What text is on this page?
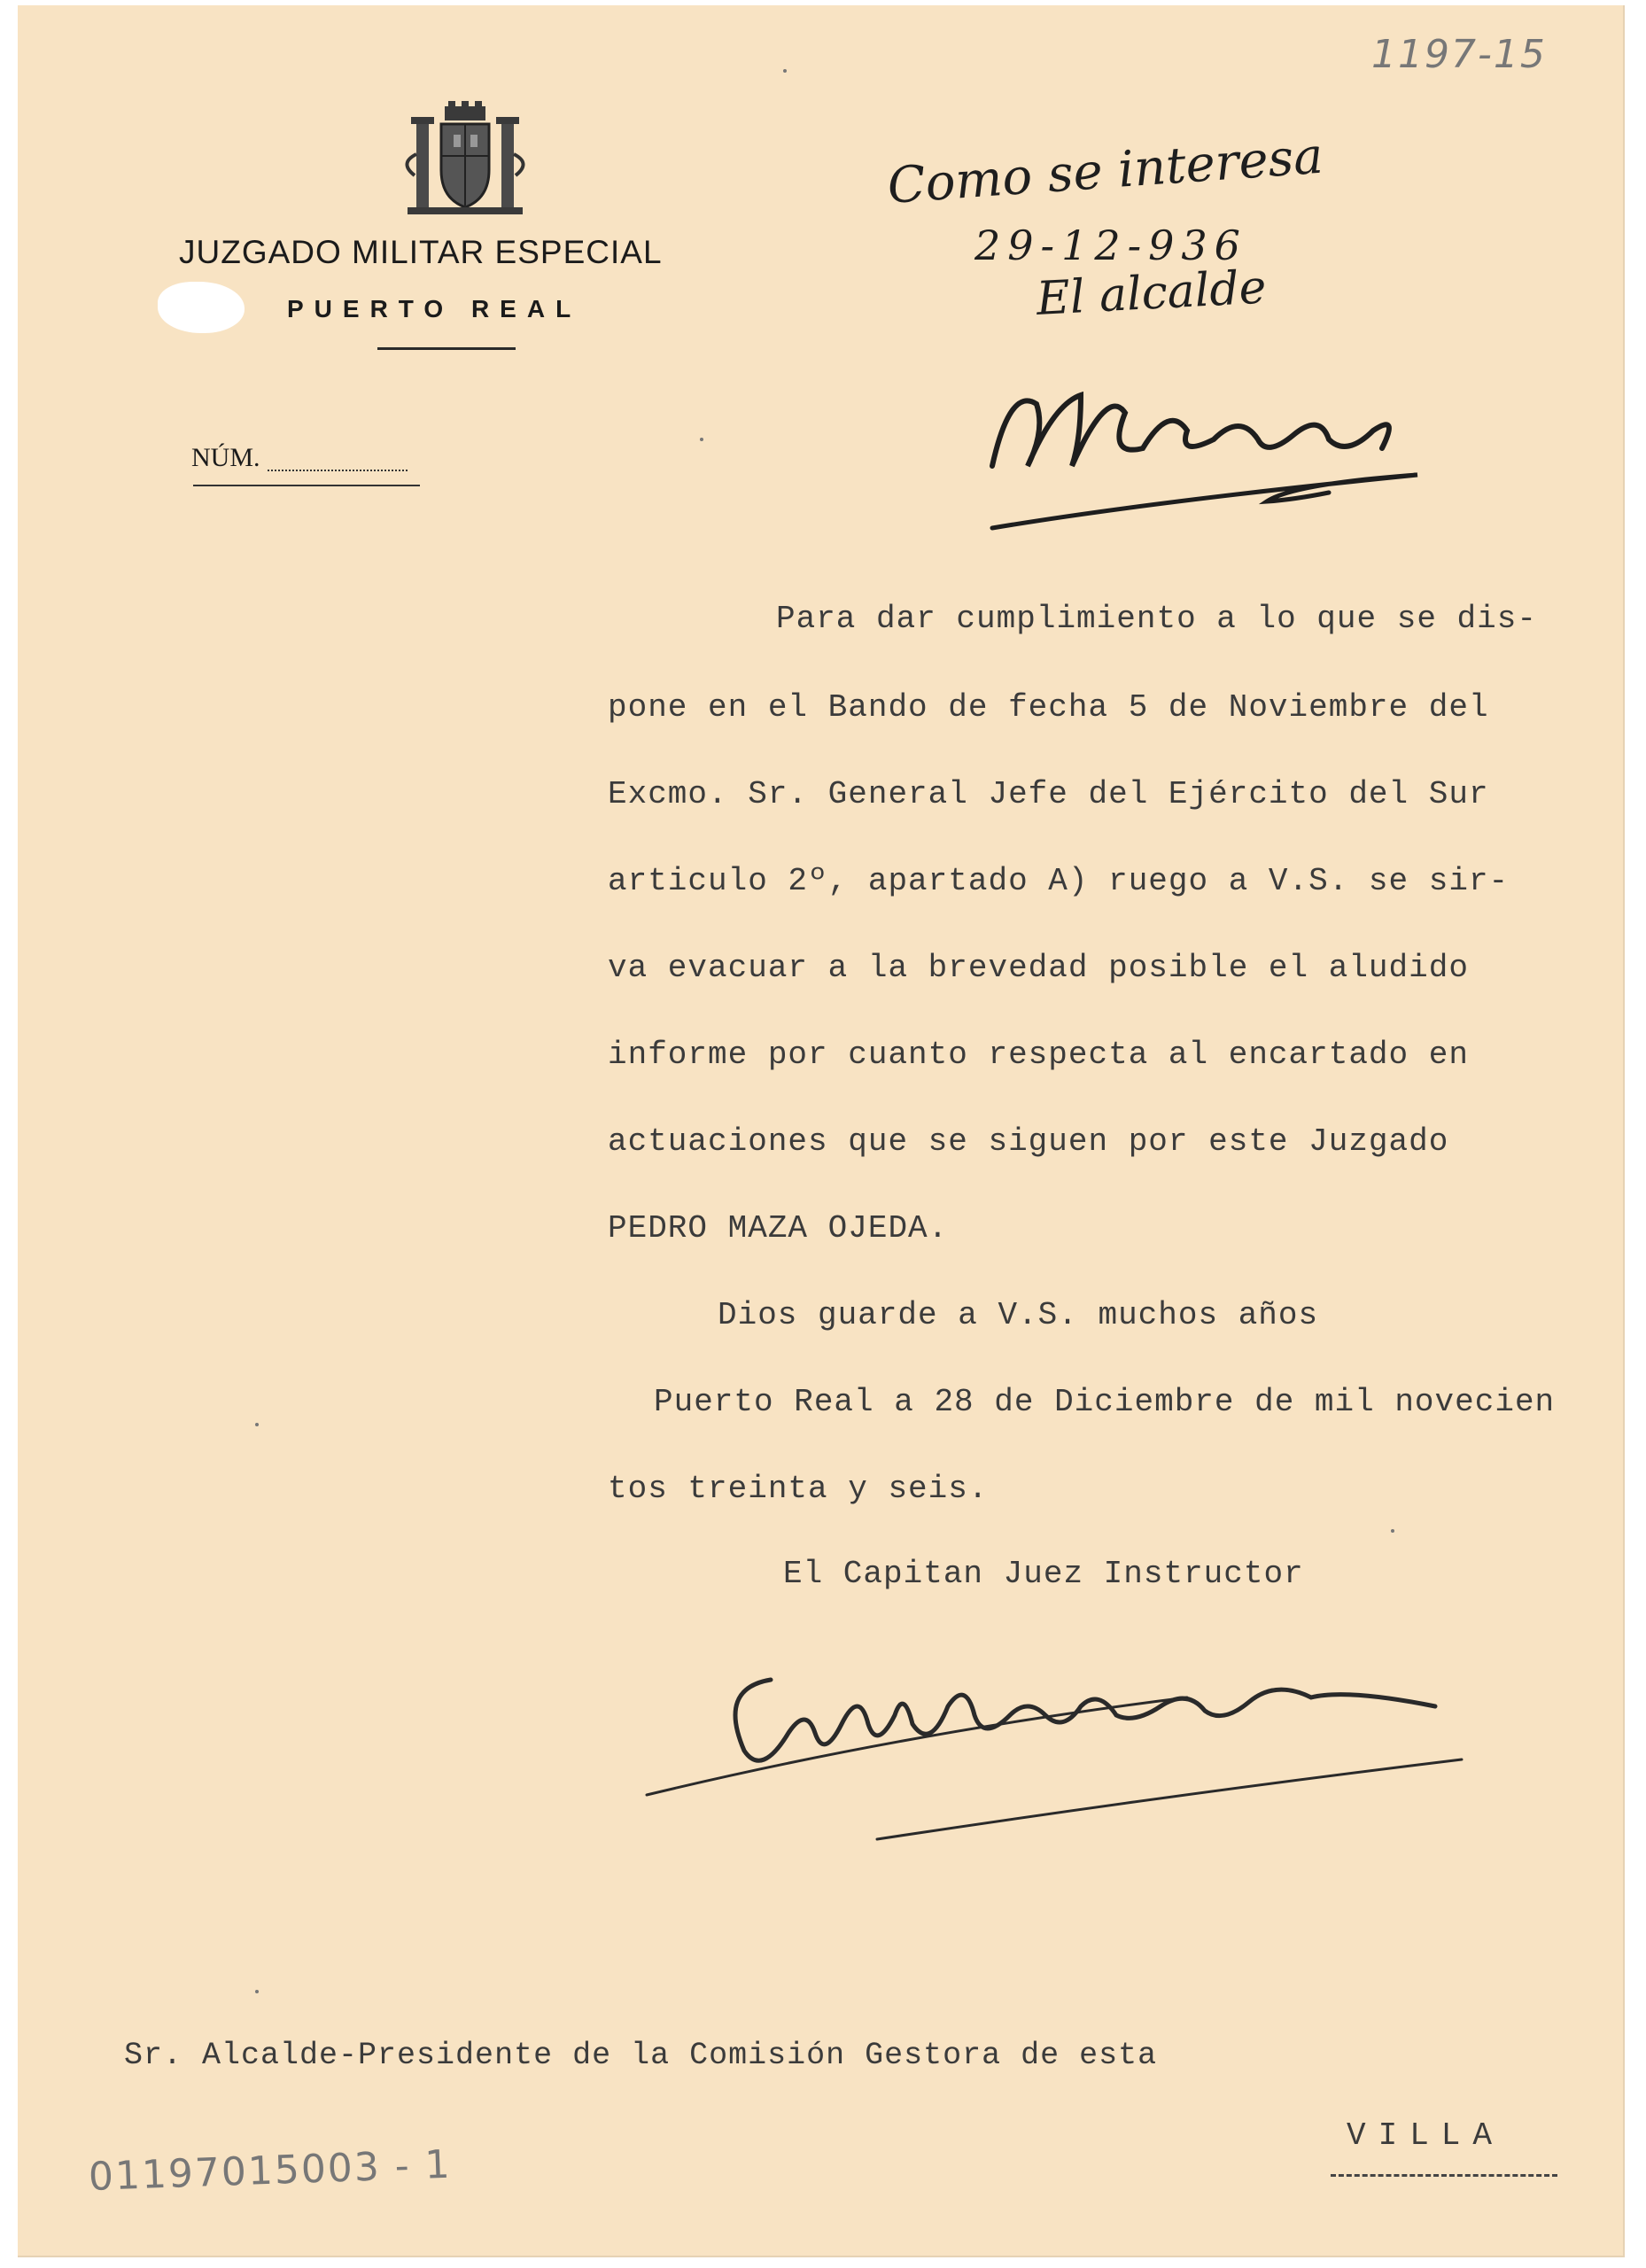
JUZGADO MILITAR ESPECIAL
PUERTO REAL
NÚM.
1197-15
Como se interesa
29-12-936
El alcalde
Para dar cumplimiento a lo que se dis-
pone en el Bando de fecha 5 de Noviembre del
Excmo. Sr. General Jefe del Ejército del Sur
articulo 2º, apartado A) ruego a V.S. se sir-
va evacuar a la brevedad posible el aludido
informe por cuanto respecta al encartado en
actuaciones que se siguen por este Juzgado
PEDRO MAZA OJEDA.
Dios guarde a V.S. muchos años
Puerto Real a 28 de Diciembre de mil novecien
tos treinta y seis.
El Capitan Juez Instructor
Sr. Alcalde-Presidente de la Comisión Gestora de esta
VILLA
01197015003 - 1
